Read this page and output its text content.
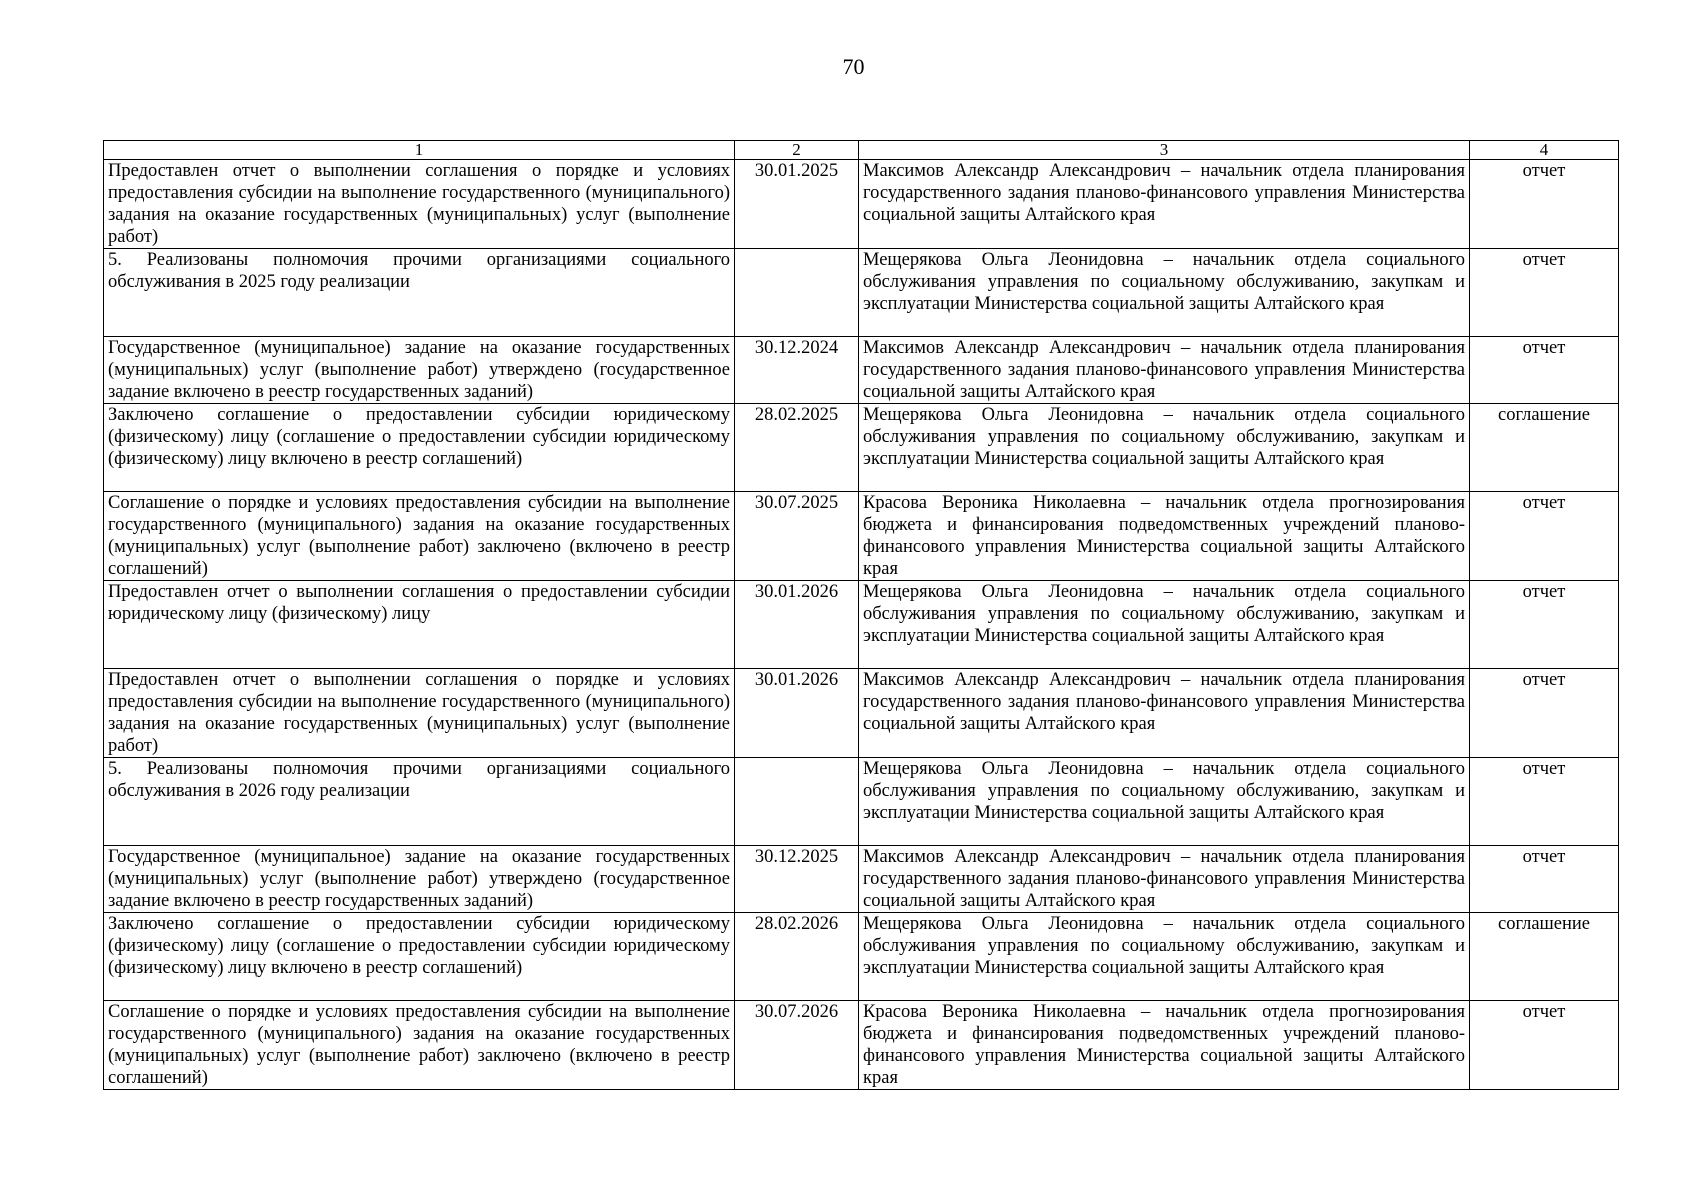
70
1	2	3	4
Предоставлен отчет о выполнении соглашения о порядке и условиях предоставления субсидии на выполнение государственного (муниципального) задания на оказание государственных (муниципальных) услуг (выполнение работ)	30.01.2025	Максимов Александр Александрович – начальник отдела планирования государственного задания планово-финансового управления Министерства социальной защиты Алтайского края	отчет
5. Реализованы полномочия прочими организациями социального обслуживания в 2025 году реализации		Мещерякова Ольга Леонидовна – начальник отдела социального обслуживания управления по социальному обслуживанию, закупкам и эксплуатации Министерства социальной защиты Алтайского края	отчет
Государственное (муниципальное) задание на оказание государственных (муниципальных) услуг (выполнение работ) утверждено (государственное задание включено в реестр государственных заданий)	30.12.2024	Максимов Александр Александрович – начальник отдела планирования государственного задания планово-финансового управления Министерства социальной защиты Алтайского края	отчет
Заключено соглашение о предоставлении субсидии юридическому (физическому) лицу (соглашение о предоставлении субсидии юридическому (физическому) лицу включено в реестр соглашений)	28.02.2025	Мещерякова Ольга Леонидовна – начальник отдела социального обслуживания управления по социальному обслуживанию, закупкам и эксплуатации Министерства социальной защиты Алтайского края	соглашение
Соглашение о порядке и условиях предоставления субсидии на выполнение государственного (муниципального) задания на оказание государственных (муниципальных) услуг (выполнение работ) заключено (включено в реестр соглашений)	30.07.2025	Красова Вероника Николаевна – начальник отдела прогнозирования бюджета и финансирования подведомственных учреждений планово-финансового управления Министерства социальной защиты Алтайского края	отчет
Предоставлен отчет о выполнении соглашения о предоставлении субсидии юридическому лицу (физическому) лицу	30.01.2026	Мещерякова Ольга Леонидовна – начальник отдела социального обслуживания управления по социальному обслуживанию, закупкам и эксплуатации Министерства социальной защиты Алтайского края	отчет
Предоставлен отчет о выполнении соглашения о порядке и условиях предоставления субсидии на выполнение государственного (муниципального) задания на оказание государственных (муниципальных) услуг (выполнение работ)	30.01.2026	Максимов Александр Александрович – начальник отдела планирования государственного задания планово-финансового управления Министерства социальной защиты Алтайского края	отчет
5. Реализованы полномочия прочими организациями социального обслуживания в 2026 году реализации		Мещерякова Ольга Леонидовна – начальник отдела социального обслуживания управления по социальному обслуживанию, закупкам и эксплуатации Министерства социальной защиты Алтайского края	отчет
Государственное (муниципальное) задание на оказание государственных (муниципальных) услуг (выполнение работ) утверждено (государственное задание включено в реестр государственных заданий)	30.12.2025	Максимов Александр Александрович – начальник отдела планирования государственного задания планово-финансового управления Министерства социальной защиты Алтайского края	отчет
Заключено соглашение о предоставлении субсидии юридическому (физическому) лицу (соглашение о предоставлении субсидии юридическому (физическому) лицу включено в реестр соглашений)	28.02.2026	Мещерякова Ольга Леонидовна – начальник отдела социального обслуживания управления по социальному обслуживанию, закупкам и эксплуатации Министерства социальной защиты Алтайского края	соглашение
Соглашение о порядке и условиях предоставления субсидии на выполнение государственного (муниципального) задания на оказание государственных (муниципальных) услуг (выполнение работ) заключено (включено в реестр соглашений)	30.07.2026	Красова Вероника Николаевна – начальник отдела прогнозирования бюджета и финансирования подведомственных учреждений планово-финансового управления Министерства социальной защиты Алтайского края	отчет
